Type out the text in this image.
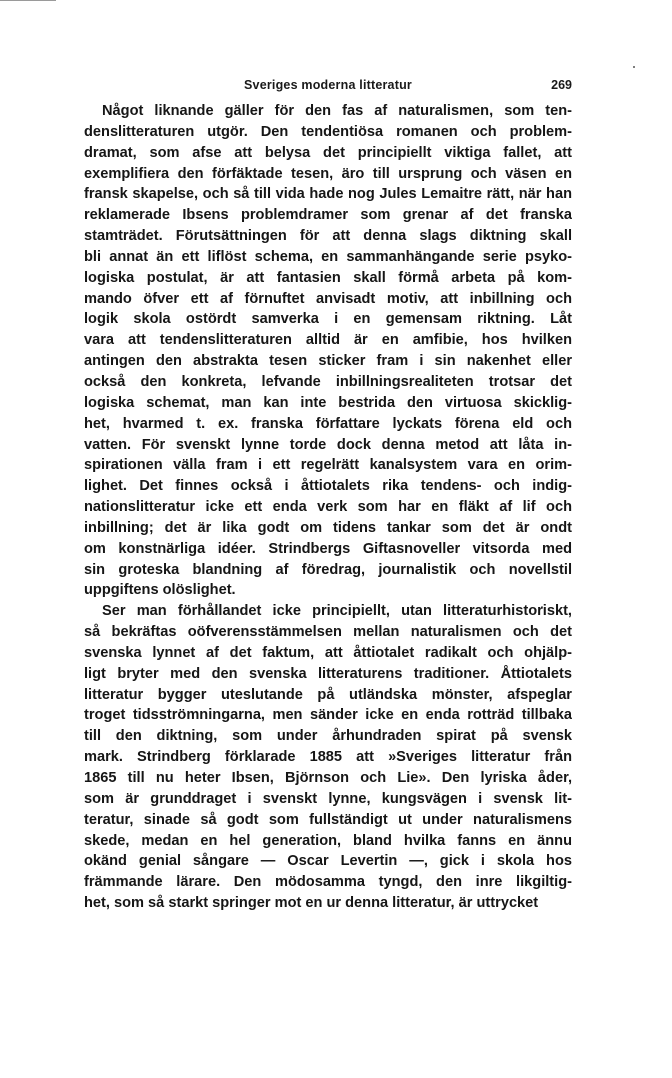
Sveriges moderna litteratur	269
Något liknande gäller för den fas af naturalismen, som ten-
denslitteraturen utgör. Den tendentiösa romanen och problem-
dramat, som afse att belysa det principiellt viktiga fallet, att
exemplifiera den förfäktade tesen, äro till ursprung och väsen en
fransk skapelse, och så till vida hade nog Jules Lemaitre rätt, när han
reklamerade Ibsens problemdramer som grenar af det franska
stamträdet. Förutsättningen för att denna slags diktning skall
bli annat än ett liflöst schema, en sammanhängande serie psyko-
logiska postulat, är att fantasien skall förmå arbeta på kom-
mando öfver ett af förnuftet anvisadt motiv, att inbillning och
logik skola ostördt samverka i en gemensam riktning. Låt
vara att tendenslitteraturen alltid är en amfibie, hos hvilken
antingen den abstrakta tesen sticker fram i sin nakenhet eller
också den konkreta, lefvande inbillningsrealiteten trotsar det
logiska schemat, man kan inte bestrida den virtuosa skicklig-
het, hvarmed t. ex. franska författare lyckats förena eld och
vatten. För svenskt lynne torde dock denna metod att låta in-
spirationen välla fram i ett regelrätt kanalsystem vara en orim-
lighet. Det finnes också i åttiotalets rika tendens- och indig-
nationslitteratur icke ett enda verk som har en fläkt af lif och
inbillning; det är lika godt om tidens tankar som det är ondt
om konstnärliga idéer. Strindbergs Giftasnoveller vitsorda med
sin groteska blandning af föredrag, journalistik och novellstil
uppgiftens olöslighet.
Ser man förhållandet icke principiellt, utan litteraturhistoriskt,
så bekräftas oöfverensstämmelsen mellan naturalismen och det
svenska lynnet af det faktum, att åttiotalet radikalt och ohjälp-
ligt bryter med den svenska litteraturens traditioner. Åttiotalets
litteratur bygger uteslutande på utländska mönster, afspeglar
troget tidsströmningarna, men sänder icke en enda rotträd tillbaka
till den diktning, som under århundraden spirat på svensk
mark. Strindberg förklarade 1885 att »Sveriges litteratur från
1865 till nu heter Ibsen, Björnson och Lie». Den lyriska åder,
som är grunddraget i svenskt lynne, kungsvägen i svensk lit-
teratur, sinade så godt som fullständigt ut under naturalismens
skede, medan en hel generation, bland hvilka fanns en ännu
okänd genial sångare — Oscar Levertin —, gick i skola hos
främmande lärare. Den mödosamma tyngd, den inre likgiltig-
het, som så starkt springer mot en ur denna litteratur, är uttrycket
